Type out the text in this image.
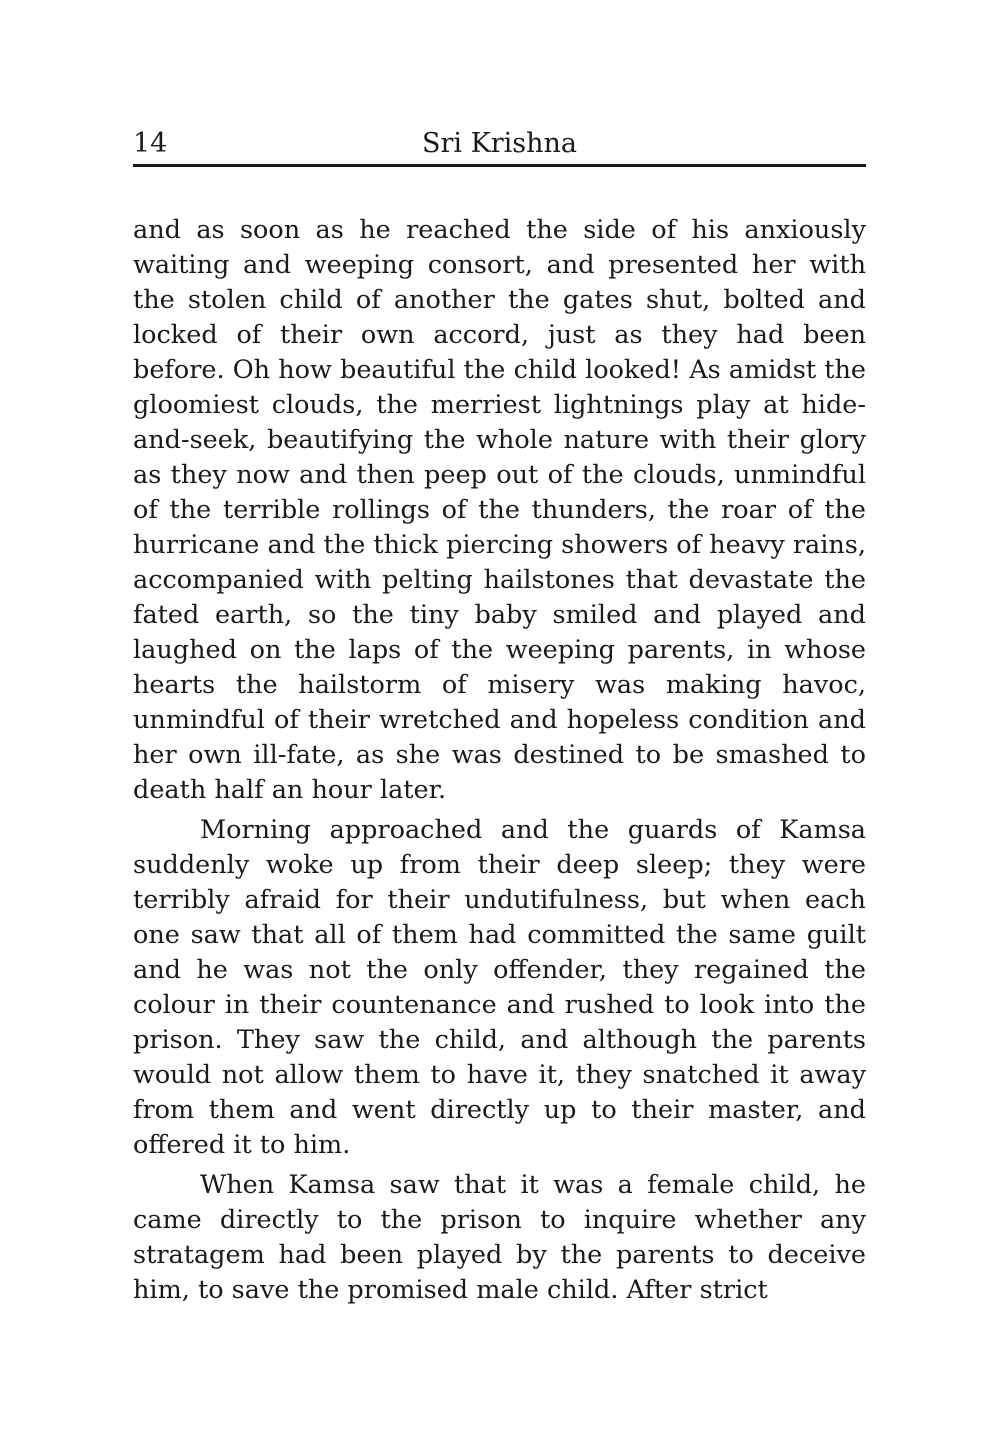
14	Sri Krishna

and as soon as he reached the side of his anxiously waiting and weeping consort, and presented her with the stolen child of another the gates shut, bolted and locked of their own accord, just as they had been before. Oh how beautiful the child looked! As amidst the gloomiest clouds, the merriest lightnings play at hide-and-seek, beautifying the whole nature with their glory as they now and then peep out of the clouds, unmindful of the terrible rollings of the thunders, the roar of the hurricane and the thick piercing showers of heavy rains, accompanied with pelting hailstones that devastate the fated earth, so the tiny baby smiled and played and laughed on the laps of the weeping parents, in whose hearts the hailstorm of misery was making havoc, unmindful of their wretched and hopeless condition and her own ill-fate, as she was destined to be smashed to death half an hour later.

Morning approached and the guards of Kamsa suddenly woke up from their deep sleep; they were terribly afraid for their undutifulness, but when each one saw that all of them had committed the same guilt and he was not the only offender, they regained the colour in their countenance and rushed to look into the prison. They saw the child, and although the parents would not allow them to have it, they snatched it away from them and went directly up to their master, and offered it to him.

When Kamsa saw that it was a female child, he came directly to the prison to inquire whether any stratagem had been played by the parents to deceive him, to save the promised male child. After strict
